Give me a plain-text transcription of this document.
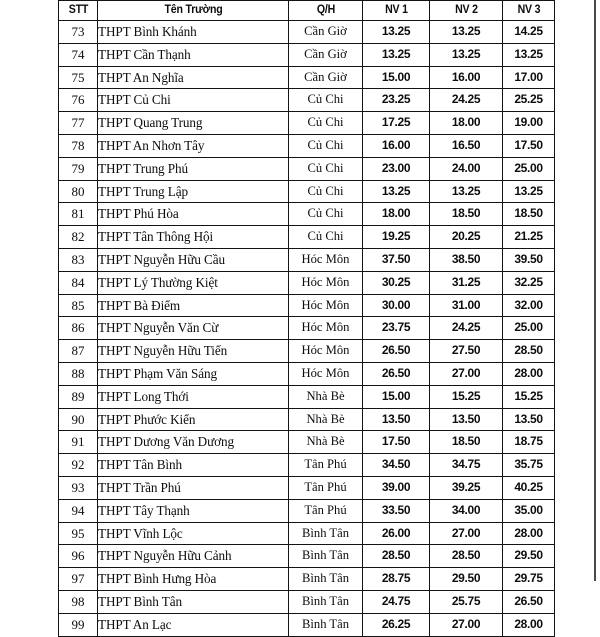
STT	Tên Trường	Q/H	NV 1	NV 2	NV 3
73	THPT Bình Khánh	Cần Giờ	13.25	13.25	14.25
74	THPT Cần Thạnh	Cần Giờ	13.25	13.25	13.25
75	THPT An Nghĩa	Cần Giờ	15.00	16.00	17.00
76	THPT Củ Chi	Củ Chi	23.25	24.25	25.25
77	THPT Quang Trung	Củ Chi	17.25	18.00	19.00
78	THPT An Nhơn Tây	Củ Chi	16.00	16.50	17.50
79	THPT Trung Phú	Củ Chi	23.00	24.00	25.00
80	THPT Trung Lập	Củ Chi	13.25	13.25	13.25
81	THPT Phú Hòa	Củ Chi	18.00	18.50	18.50
82	THPT Tân Thông Hội	Củ Chi	19.25	20.25	21.25
83	THPT Nguyễn Hữu Cầu	Hóc Môn	37.50	38.50	39.50
84	THPT Lý Thường Kiệt	Hóc Môn	30.25	31.25	32.25
85	THPT Bà Điểm	Hóc Môn	30.00	31.00	32.00
86	THPT Nguyễn Văn Cừ	Hóc Môn	23.75	24.25	25.00
87	THPT Nguyễn Hữu Tiến	Hóc Môn	26.50	27.50	28.50
88	THPT Phạm Văn Sáng	Hóc Môn	26.50	27.00	28.00
89	THPT Long Thới	Nhà Bè	15.00	15.25	15.25
90	THPT Phước Kiển	Nhà Bè	13.50	13.50	13.50
91	THPT Dương Văn Dương	Nhà Bè	17.50	18.50	18.75
92	THPT Tân Bình	Tân Phú	34.50	34.75	35.75
93	THPT Trần Phú	Tân Phú	39.00	39.25	40.25
94	THPT Tây Thạnh	Tân Phú	33.50	34.00	35.00
95	THPT Vĩnh Lộc	Bình Tân	26.00	27.00	28.00
96	THPT Nguyễn Hữu Cảnh	Bình Tân	28.50	28.50	29.50
97	THPT Bình Hưng Hòa	Bình Tân	28.75	29.50	29.75
98	THPT Bình Tân	Bình Tân	24.75	25.75	26.50
99	THPT An Lạc	Bình Tân	26.25	27.00	28.00
